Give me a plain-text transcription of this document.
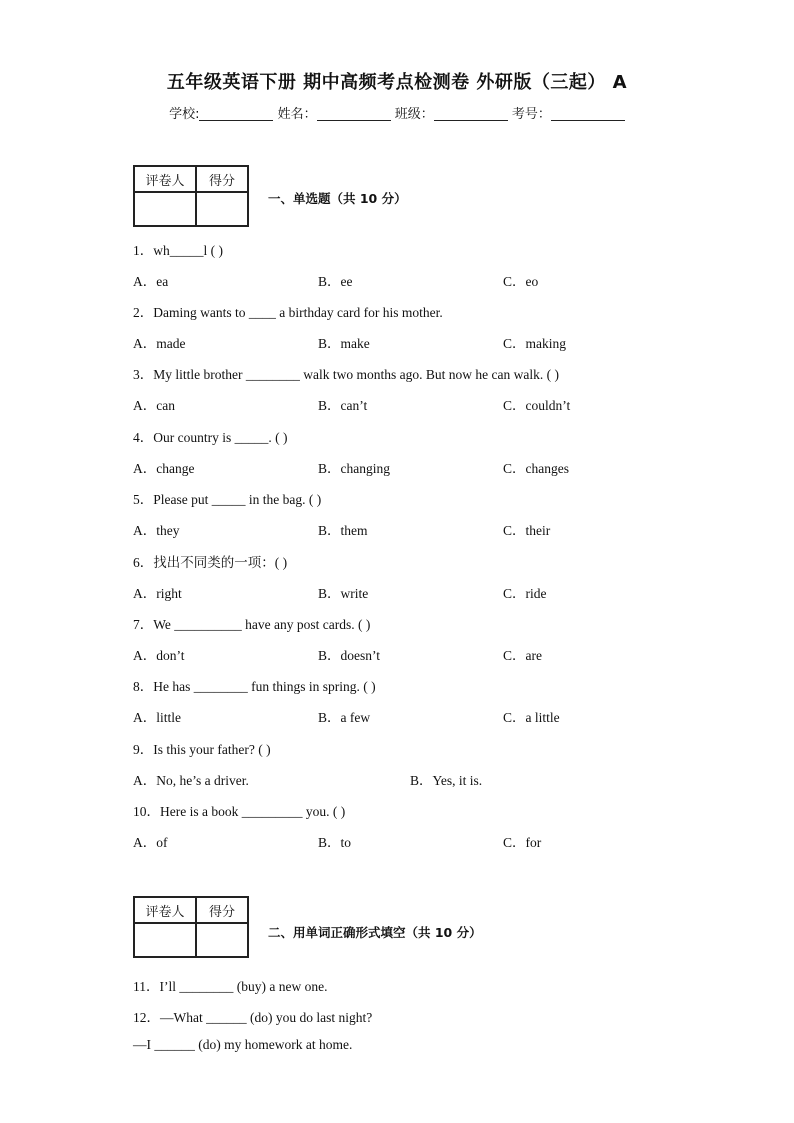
五年级英语下册 期中高频考点检测卷 外研版（三起） A
学校:	姓名：	班级：	考号：
评卷人	得分

一、单选题（共 10 分）
1．wh_____l ( )
A．ea	B．ee	C．eo
2．Daming wants to ____ a birthday card for his mother.
A．made	B．make	C．making
3．My little brother ________ walk two months ago. But now he can walk. ( )
A．can	B．can’t	C．couldn’t
4．Our country is _____. ( )
A．change	B．changing	C．changes
5．Please put _____ in the bag. ( )
A．they	B．them	C．their
6．找出不同类的一项：( )
A．right	B．write	C．ride
7．We __________ have any post cards. ( )
A．don’t	B．doesn’t	C．are
8．He has ________ fun things in spring. ( )
A．little	B．a few	C．a little
9．Is this your father? ( )
A．No, he’s a driver.	B．Yes, it is.
10．Here is a book _________ you. ( )
A．of	B．to	C．for
评卷人	得分

二、用单词正确形式填空（共 10 分）
11．I’ll ________ (buy) a new one.
12．—What ______ (do) you do last night?
—I ______ (do) my homework at home.
